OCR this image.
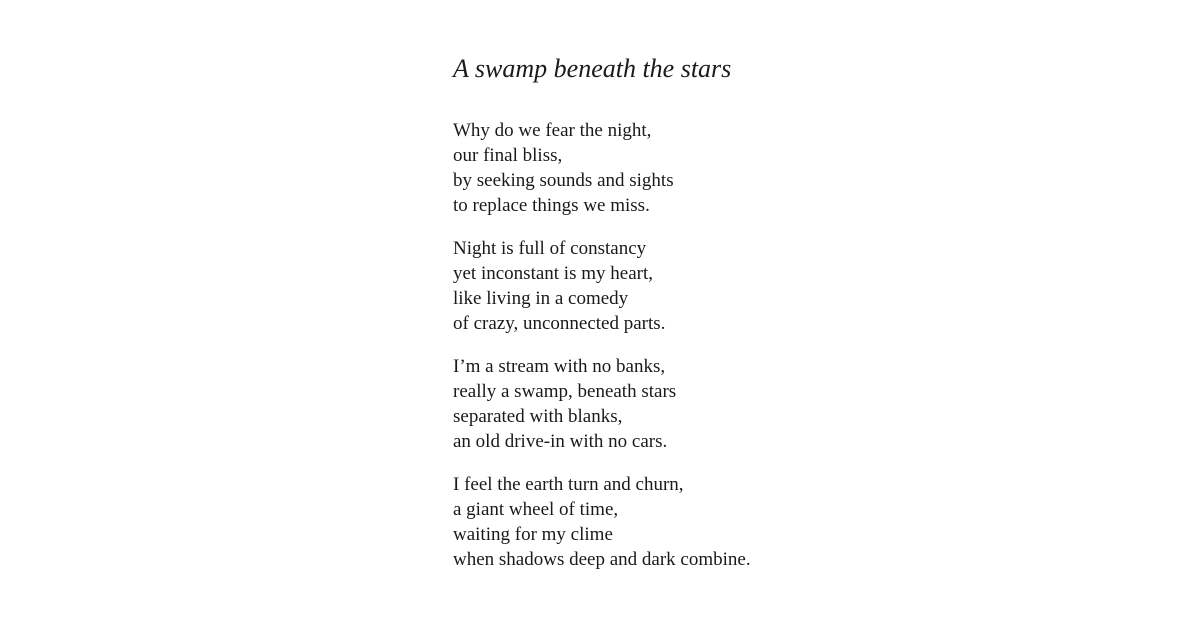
A swamp beneath the stars
Why do we fear the night,
our final bliss,
by seeking sounds and sights
to replace things we miss.
Night is full of constancy
yet inconstant is my heart,
like living in a comedy
of crazy, unconnected parts.
I’m a stream with no banks,
really a swamp, beneath stars
separated with blanks,
an old drive-in with no cars.
I feel the earth turn and churn,
a giant wheel of time,
waiting for my clime
when shadows deep and dark combine.
